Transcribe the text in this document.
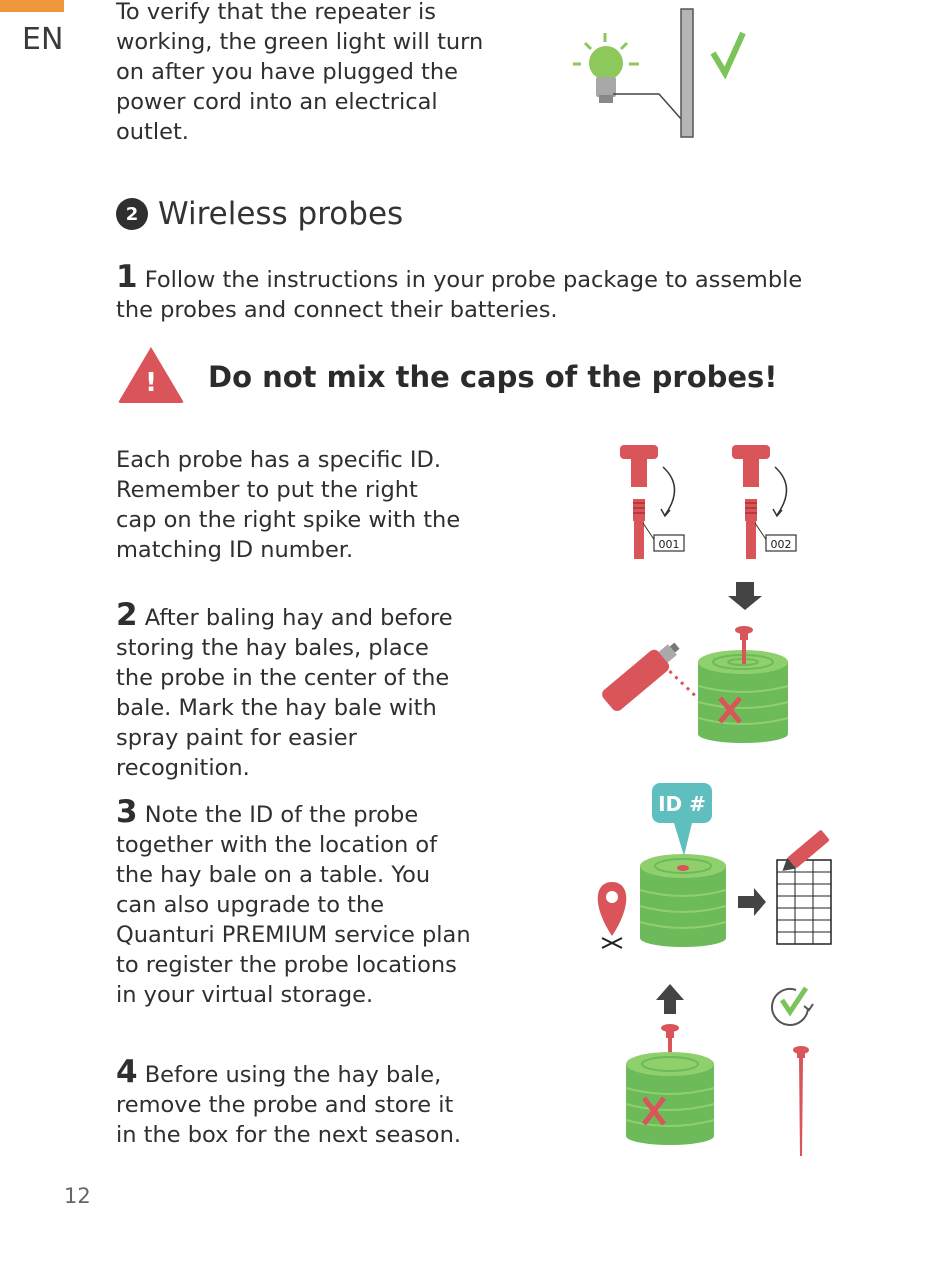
EN
To verify that the repeater is working, the green light will turn on after you have plugged the power cord into an electrical outlet.
2 Wireless probes
1 Follow the instructions in your probe package to assemble the probes and connect their batteries.
! Do not mix the caps of the probes!
Each probe has a specific ID. Remember to put the right cap on the right spike with the matching ID number.	001	002
2 After baling hay and before storing the hay bales, place the probe in the center of the bale. Mark the hay bale with spray paint for easier recognition.
3 Note the ID of the probe together with the location of the hay bale on a table. You can also upgrade to the Quanturi PREMIUM service plan to register the probe locations in your virtual storage.
ID #
4 Before using the hay bale, remove the probe and store it in the box for the next season.
12
